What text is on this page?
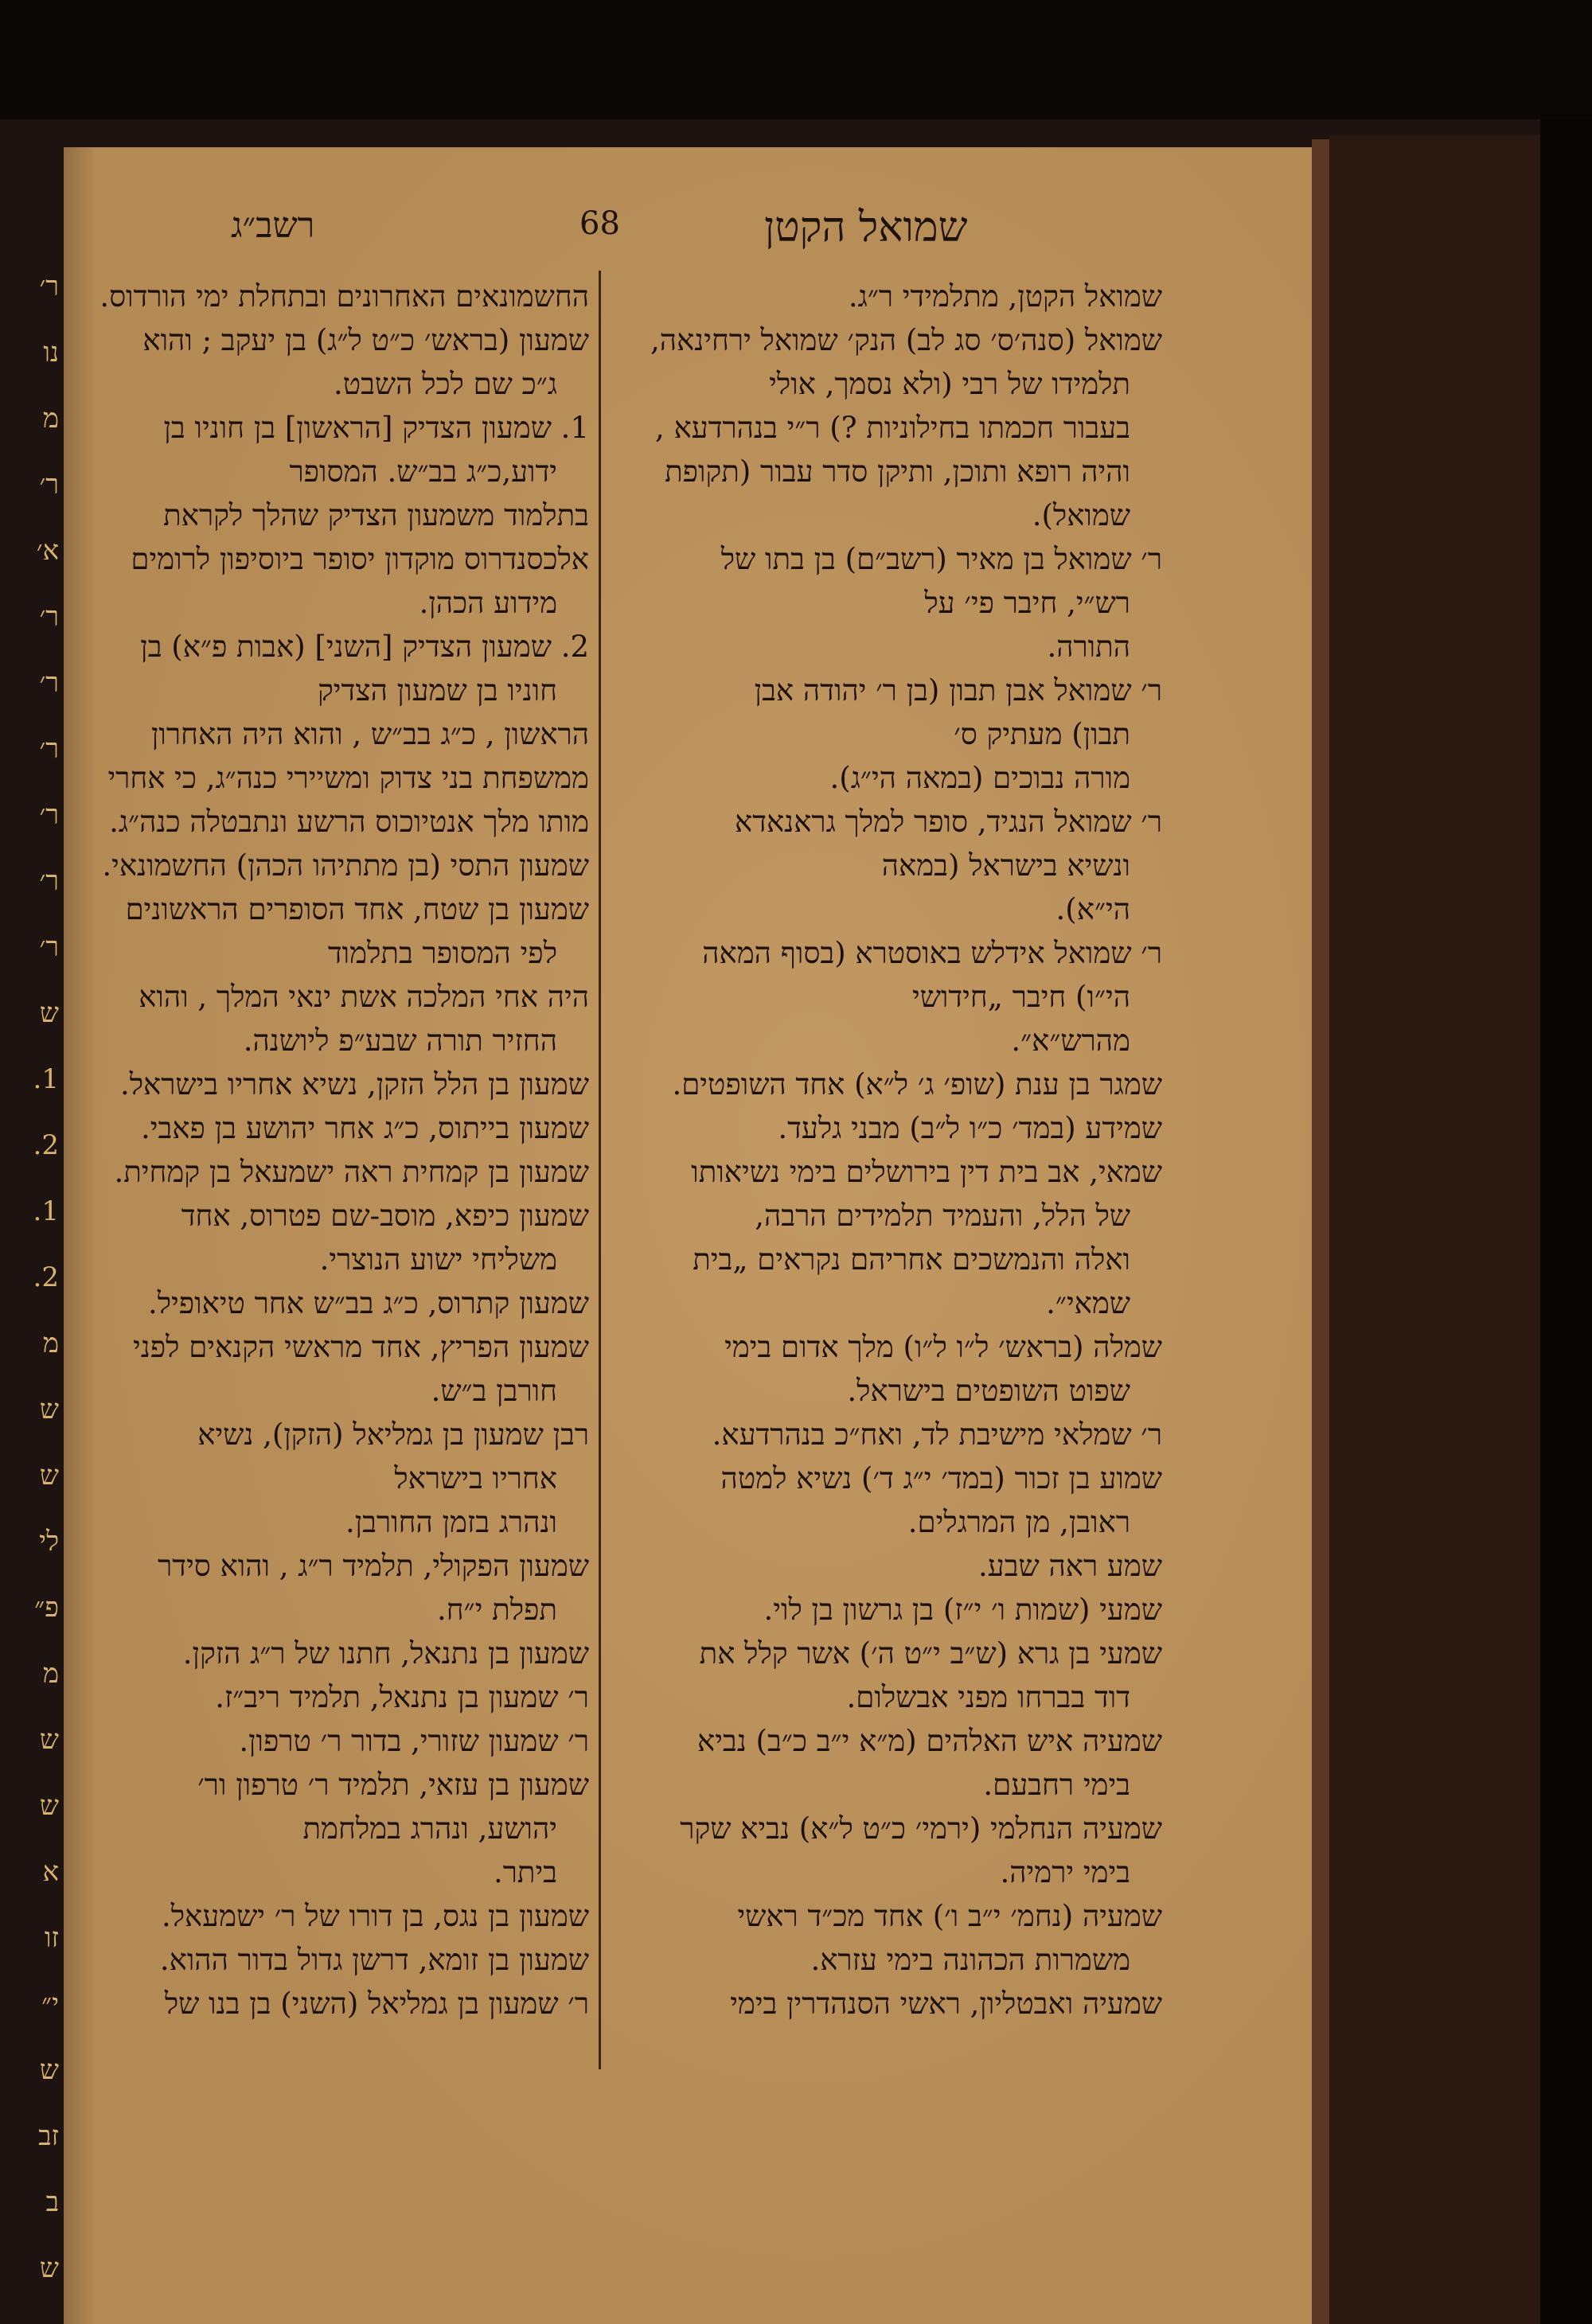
ר׳
נו
מ
ר׳
א׳
ר׳
ר׳
ר׳
ר׳
ר׳
ר׳
ש
1.
2.
1.
2.
מ
ש
ש
לי
פ״
מ
ש
ש
א
זו
י״
ש
זב
ב
ש
רשב״ג	68	שמואל הקטן
שמואל הקטן, מתלמידי ר״ג.
שמואל (סנה׳ס׳ סג לב) הנק׳ שמואל ירחינאה,
תלמידו של רבי (ולא נסמך, אולי
בעבור חכמתו בחילוניות ?) ר״י בנהרדעא ,
והיה רופא ותוכן, ותיקן סדר עבור (תקופת
שמואל).
ר׳ שמואל בן מאיר (רשב״ם) בן בתו של
רש״י, חיבר פי׳ על
התורה.
ר׳ שמואל אבן תבון (בן ר׳ יהודה אבן
תבון) מעתיק ס׳
מורה נבוכים (במאה הי״ג).
ר׳ שמואל הנגיד, סופר למלך גראנאדא
ונשיא בישראל (במאה
הי״א).
ר׳ שמואל אידלש באוסטרא (בסוף המאה
הי״ו) חיבר „חידושי
מהרש״א״.
שמגר בן ענת (שופ׳ ג׳ ל״א) אחד השופטים.
שמידע (במד׳ כ״ו ל״ב) מבני גלעד.
שמאי, אב בית דין בירושלים בימי נשיאותו
של הלל, והעמיד תלמידים הרבה,
ואלה והנמשכים אחריהם נקראים „בית
שמאי״.
שמלה (בראש׳ ל״ו ל״ו) מלך אדום בימי
שפוט השופטים בישראל.
ר׳ שמלאי מישיבת לד, ואח״כ בנהרדעא.
שמוע בן זכור (במד׳ י״ג ד׳) נשיא למטה
ראובן, מן המרגלים.
שמע ראה שבע.
שמעי (שמות ו׳ י״ז) בן גרשון בן לוי.
שמעי בן גרא (ש״ב י״ט ה׳) אשר קלל את
דוד בברחו מפני אבשלום.
שמעיה איש האלהים (מ״א י״ב כ״ב) נביא
בימי רחבעם.
שמעיה הנחלמי (ירמי׳ כ״ט ל״א) נביא שקר
בימי ירמיה.
שמעיה (נחמ׳ י״ב ו׳) אחד מכ״ד ראשי
משמרות הכהונה בימי עזרא.
שמעיה ואבטליון, ראשי הסנהדרין בימי
החשמונאים האחרונים ובתחלת ימי הורדוס.
שמעון (בראש׳ כ״ט ל״ג) בן יעקב ; והוא
ג״כ שם לכל השבט.
1. שמעון הצדיק [הראשון] בן חוניו בן
ידוע,כ״ג בב״ש. המסופר
בתלמוד משמעון הצדיק שהלך לקראת
אלכסנדרוס מוקדון יסופר ביוסיפון לרומים
מידוע הכהן.
2. שמעון הצדיק [השני] (אבות פ״א) בן
חוניו בן שמעון הצדיק
הראשון , כ״ג בב״ש , והוא היה האחרון
ממשפחת בני צדוק ומשיירי כנה״ג, כי אחרי
מותו מלך אנטיוכוס הרשע ונתבטלה כנה״ג.
שמעון התסי (בן מתתיהו הכהן) החשמונאי.
שמעון בן שטח, אחד הסופרים הראשונים
לפי המסופר בתלמוד
היה אחי המלכה אשת ינאי המלך , והוא
החזיר תורה שבע״פ ליושנה.
שמעון בן הלל הזקן, נשיא אחריו בישראל.
שמעון בייתוס, כ״ג אחר יהושע בן פאבי.
שמעון בן קמחית ראה ישמעאל בן קמחית.
שמעון כיפא, מוסב-שם פטרוס, אחד
משליחי ישוע הנוצרי.
שמעון קתרוס, כ״ג בב״ש אחר טיאופיל.
שמעון הפריץ, אחד מראשי הקנאים לפני
חורבן ב״ש.
רבן שמעון בן גמליאל (הזקן), נשיא
אחריו בישראל
ונהרג בזמן החורבן.
שמעון הפקולי, תלמיד ר״ג , והוא סידר
תפלת י״ח.
שמעון בן נתנאל, חתנו של ר״ג הזקן.
ר׳ שמעון בן נתנאל, תלמיד ריב״ז.
ר׳ שמעון שזורי, בדור ר׳ טרפון.
שמעון בן עזאי, תלמיד ר׳ טרפון ור׳
יהושע, ונהרג במלחמת
ביתר.
שמעון בן נגס, בן דורו של ר׳ ישמעאל.
שמעון בן זומא, דרשן גדול בדור ההוא.
ר׳ שמעון בן גמליאל (השני) בן בנו של
